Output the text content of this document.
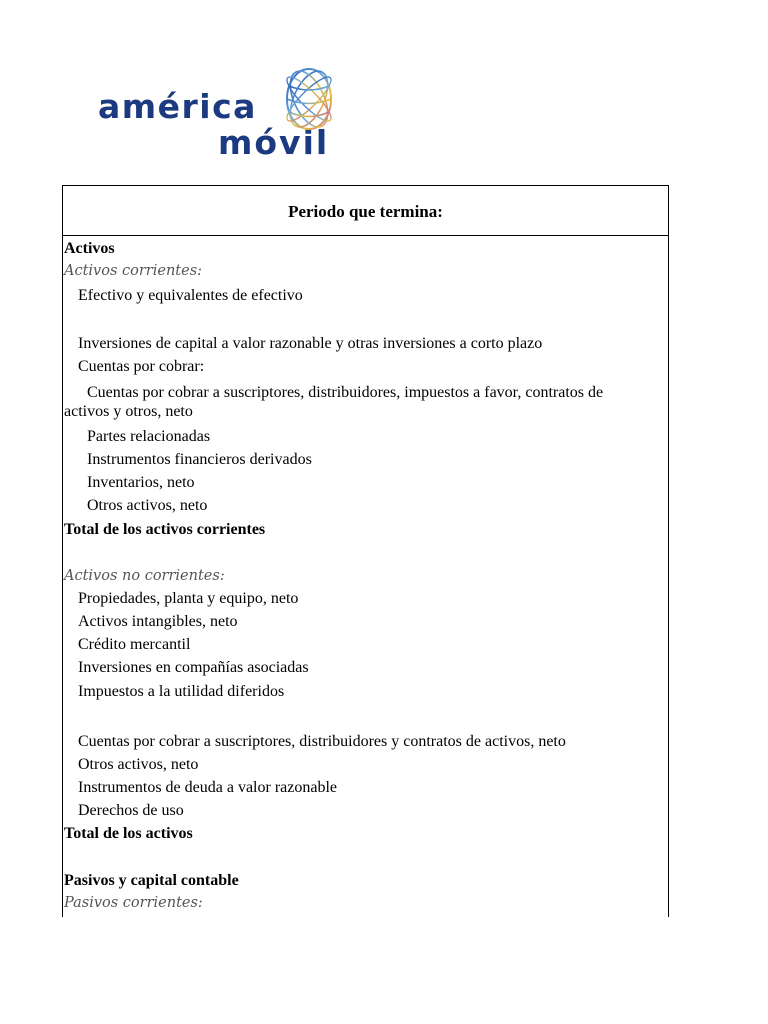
américa
móvil
Periodo que termina:
Activos
Activos corrientes:
Efectivo y equivalentes de efectivo
Inversiones de capital a valor razonable y otras inversiones a corto plazo
Cuentas por cobrar:
Cuentas por cobrar a suscriptores, distribuidores, impuestos a favor, contratos de
activos y otros, neto
Partes relacionadas
Instrumentos financieros derivados
Inventarios, neto
Otros activos, neto
Total de los activos corrientes
Activos no corrientes:
Propiedades, planta y equipo, neto
Activos intangibles, neto
Crédito mercantil
Inversiones en compañías asociadas
Impuestos a la utilidad diferidos
Cuentas por cobrar a suscriptores, distribuidores y contratos de activos, neto
Otros activos, neto
Instrumentos de deuda a valor razonable
Derechos de uso
Total de los activos
Pasivos y capital contable
Pasivos corrientes:
